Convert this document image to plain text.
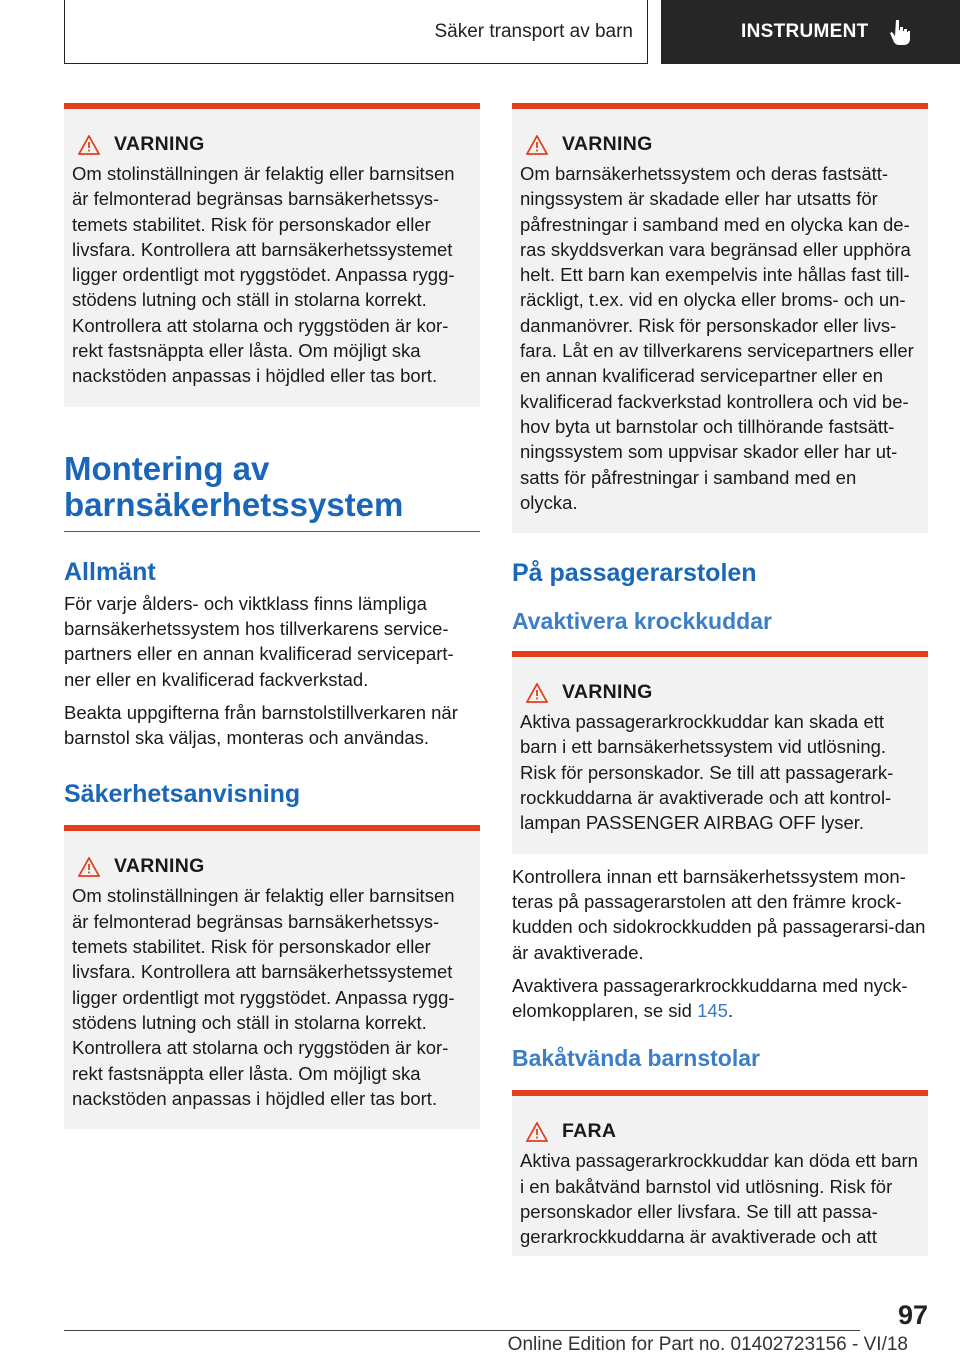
Säker transport av barn	INSTRUMENT
VARNING

Om stolinställningen är felaktig eller barnsitsen är felmonterad begränsas barnsäkerhetssys-temets stabilitet. Risk för personskador eller livsfara. Kontrollera att barnsäkerhetssystemet ligger ordentligt mot ryggstödet. Anpassa rygg-stödens lutning och ställ in stolarna korrekt. Kontrollera att stolarna och ryggstöden är kor-rekt fastsnäppta eller låsta. Om möjligt ska nackstöden anpassas i höjdled eller tas bort.

Montering av barnsäkerhetssystem
Allmänt

För varje ålders- och viktklass finns lämpliga barnsäkerhetssystem hos tillverkarens service-partners eller en annan kvalificerad servicepart-ner eller en kvalificerad fackverkstad.

Beakta uppgifterna från barnstolstillverkaren när barnstol ska väljas, monteras och användas.

Säkerhetsanvisning
VARNING

Om stolinställningen är felaktig eller barnsitsen är felmonterad begränsas barnsäkerhetssys-temets stabilitet. Risk för personskador eller livsfara. Kontrollera att barnsäkerhetssystemet ligger ordentligt mot ryggstödet. Anpassa rygg-stödens lutning och ställ in stolarna korrekt. Kontrollera att stolarna och ryggstöden är kor-rekt fastsnäppta eller låsta. Om möjligt ska nackstöden anpassas i höjdled eller tas bort.

VARNING

Om barnsäkerhetssystem och deras fastsätt-ningssystem är skadade eller har utsatts för påfrestningar i samband med en olycka kan de-ras skyddsverkan vara begränsad eller upphöra helt. Ett barn kan exempelvis inte hållas fast till-räckligt, t.ex. vid en olycka eller broms- och un-danmanövrer. Risk för personskador eller livs-fara. Låt en av tillverkarens servicepartners eller en annan kvalificerad servicepartner eller en kvalificerad fackverkstad kontrollera och vid be-hov byta ut barnstolar och tillhörande fastsätt-ningssystem som uppvisar skador eller har ut-satts för påfrestningar i samband med en olycka.

På passagerarstolen
Avaktivera krockkuddar
VARNING

Aktiva passagerarkrockkuddar kan skada ett barn i ett barnsäkerhetssystem vid utlösning. Risk för personskador. Se till att passagerark-rockkuddarna är avaktiverade och att kontrol-lampan PASSENGER AIRBAG OFF lyser.

Kontrollera innan ett barnsäkerhetssystem mon-teras på passagerarstolen att den främre krock-kudden och sidokrockkudden på passagerarsi-dan är avaktiverade.

Avaktivera passagerarkrockkuddarna med nyck-elomkopplaren, se sid 145.

Bakåtvända barnstolar
FARA

Aktiva passagerarkrockkuddar kan döda ett barn i en bakåtvänd barnstol vid utlösning. Risk för personskador eller livsfara. Se till att passa-gerarkrockkuddarna är avaktiverade och att

97
Online Edition for Part no. 01402723156 - VI/18
